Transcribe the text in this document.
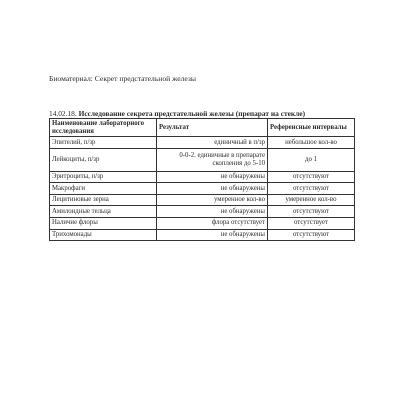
Биоматериал: Секрет предстательной железы
14.02.18. Исследование секрета предстательной железы (препарат на стекле)
Наименование лабораторного исследования	Результат	Референсные интервалы
Эпителий, п/зр	единичный в п/зр	небольшое кол-во
Лейкоциты, п/зр	0-0-2. единичные в препарате скопления до 5-10	до 1
Эритроциты, п/зр	не обнаружены	отсутствуют
Макрофаги	не обнаружены	отсутствуют
Лецитиновые зерна	умеренное кол-во	умеренное кол-во
Амилоидные тельца	не обнаружены	отсутствуют
Наличие флоры	флора отсутствует	отсутствует
Трихомонады	не обнаружены	отсутствуют
